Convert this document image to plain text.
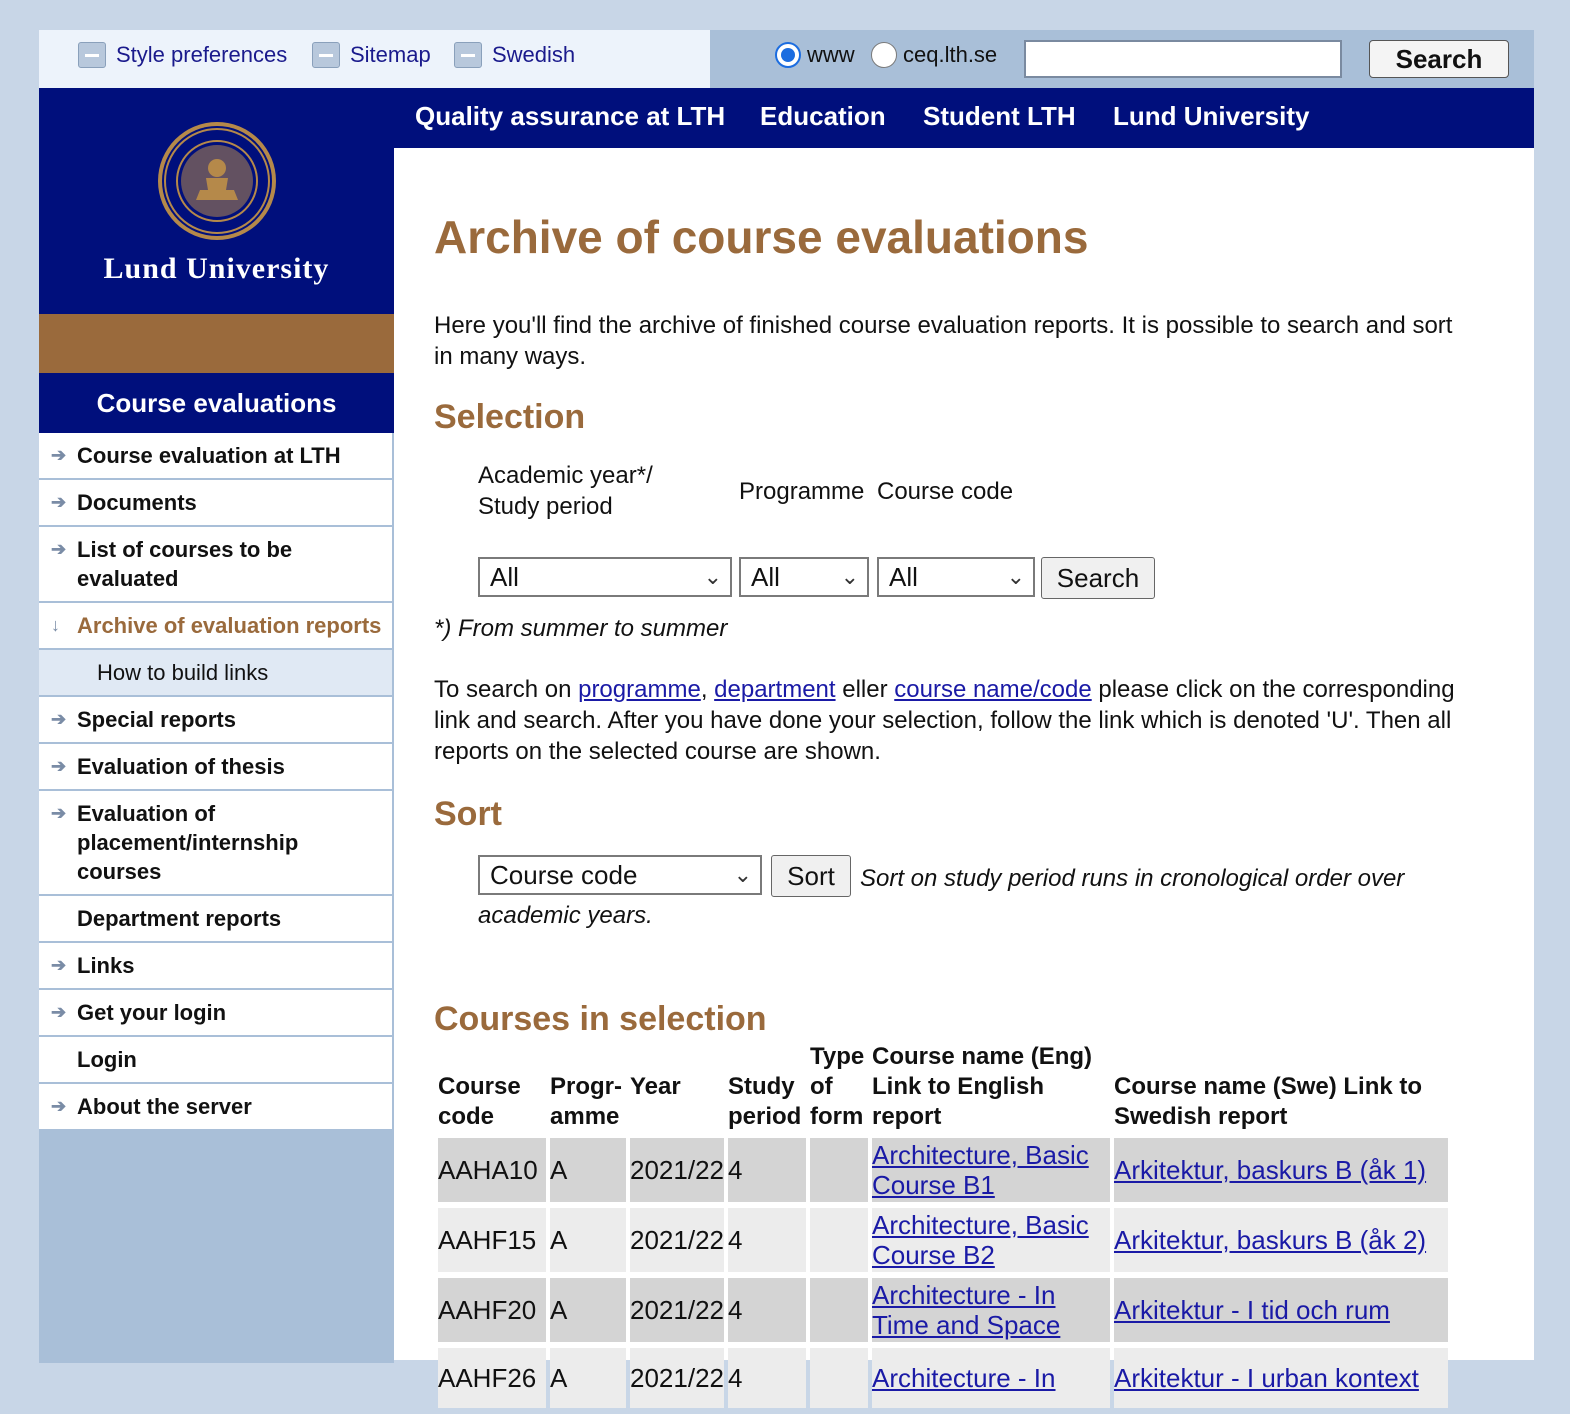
Style preferences	Sitemap	Swedish	www ceq.lth.se	Search
Quality assurance at LTH Education Student LTH Lund University
Lund University
Course evaluations
➔ Course evaluation at LTH
➔ Documents
➔ List of courses to be evaluated
↓ Archive of evaluation reports
How to build links
➔ Special reports
➔ Evaluation of thesis
➔ Evaluation of placement/internship courses
Department reports
➔ Links
➔ Get your login
Login
➔ About the server
Archive of course evaluations

Here you'll find the archive of finished course evaluation reports. It is possible to search and sort in many ways.

Selection
Academic year*/ Study period
Programme Course code
All	⌄ All	⌄ All	⌄	Search

*) From summer to summer

To search on programme, department eller course name/code please click on the corresponding link and search. After you have done your selection, follow the link which is denoted 'U'. Then all reports on the selected course are shown.

Sort
Course code	⌄	Sort	Sort on study period runs in cronological order over academic years.

Courses in selection
Course code	Progr-amme	Year	Study period	Type of form	Course name (Eng) Link to English report	Course name (Swe) Link to Swedish report
AAHA10	A	2021/22	4		Architecture, Basic Course B1	Arkitektur, baskurs B (åk 1)
AAHF15	A	2021/22	4		Architecture, Basic Course B2	Arkitektur, baskurs B (åk 2)
AAHF20	A	2021/22	4		Architecture - In Time and Space	Arkitektur - I tid och rum
AAHF26	A	2021/22	4		Architecture - In	Arkitektur - I urban kontext
